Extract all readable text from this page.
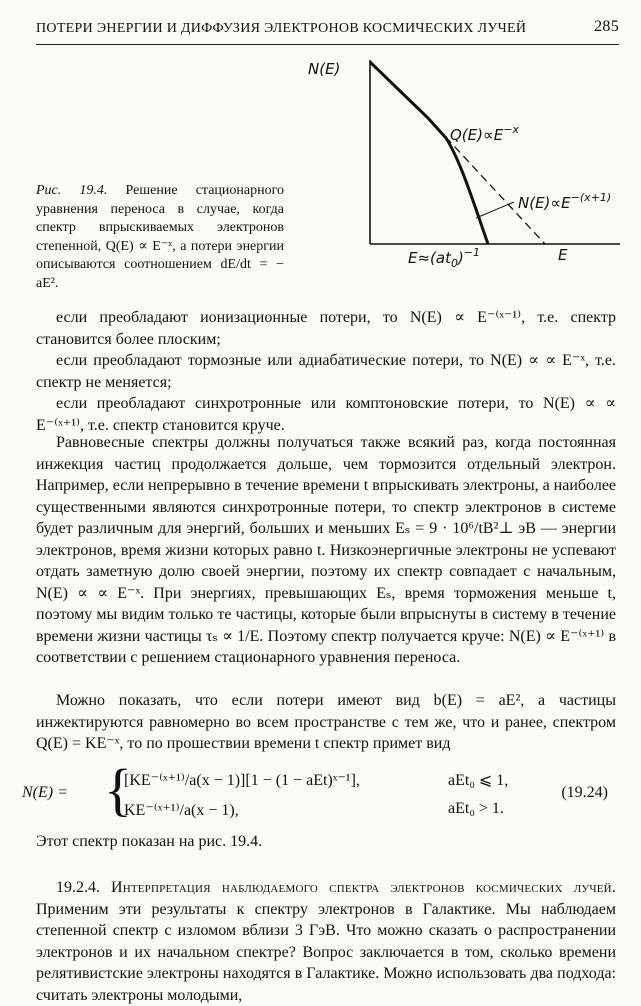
ПОТЕРИ ЭНЕРГИИ И ДИФФУЗИЯ ЭЛЕКТРОНОВ КОСМИЧЕСКИХ ЛУЧЕЙ	285
N(E)
E
$Q(E)\propto E^{-x}$
$N(E)\propto E^{-(x+1)}$
$E\approx(at_0)^{-1}$
Рис. 19.4. Решение стационарного уравнения переноса в случае, когда спектр впрыскиваемых электронов степенной, Q(E) ∝ E⁻ˣ, а потери энергии описываются соотношением dE/dt = − aE².

если преобладают ионизационные потери, то N(E) ∝ E⁻⁽ˣ⁻¹⁾, т.е. спектр становится более плоским;

если преобладают тормозные или адиабатические потери, то N(E) ∝ ∝ E⁻ˣ, т.е. спектр не меняется;

если преобладают синхротронные или комптоновские потери, то N(E) ∝ ∝ E⁻⁽ˣ⁺¹⁾, т.е. спектр становится круче.

Равновесные спектры должны получаться также всякий раз, когда постоянная инжекция частиц продолжается дольше, чем тормозится отдельный электрон. Например, если непрерывно в течение времени t впрыскивать электроны, а наиболее существенными являются синхротронные потери, то спектр электронов в системе будет различным для энергий, больших и меньших Eₛ = 9 · 10⁶/tB²⊥ эВ — энергии электронов, время жизни которых равно t. Низкоэнергичные электроны не успевают отдать заметную долю своей энергии, поэтому их спектр совпадает с начальным, N(E) ∝ ∝ E⁻ˣ. При энергиях, превышающих Eₛ, время торможения меньше t, поэтому мы видим только те частицы, которые были впрыснуты в систему в течение времени жизни частицы τₛ ∝ 1/E. Поэтому спектр получается круче: N(E) ∝ E⁻⁽ˣ⁺¹⁾ в соответствии с решением стационарного уравнения переноса.

Можно показать, что если потери имеют вид b(E) = aE², а частицы инжектируются равномерно во всем пространстве с тем же, что и ранее, спектром Q(E) = KE⁻ˣ, то по прошествии времени t спектр примет вид

N(E) = {
[KE⁻⁽ˣ⁺¹⁾/a(x − 1)][1 − (1 − aEt)ˣ⁻¹],	aEt₀ ⩽ 1,
KE⁻⁽ˣ⁺¹⁾/a(x − 1),	aEt₀ > 1.
(19.24)
Этот спектр показан на рис. 19.4.

19.2.4. Интерпретация наблюдаемого спектра электронов космических лучей. Применим эти результаты к спектру электронов в Галактике. Мы наблюдаем степенной спектр с изломом вблизи 3 ГэВ. Что можно сказать о распространении электронов и их начальном спектре? Вопрос заключается в том, сколько времени релятивистские электроны находятся в Галактике. Можно использовать два подхода: считать электроны молодыми,
